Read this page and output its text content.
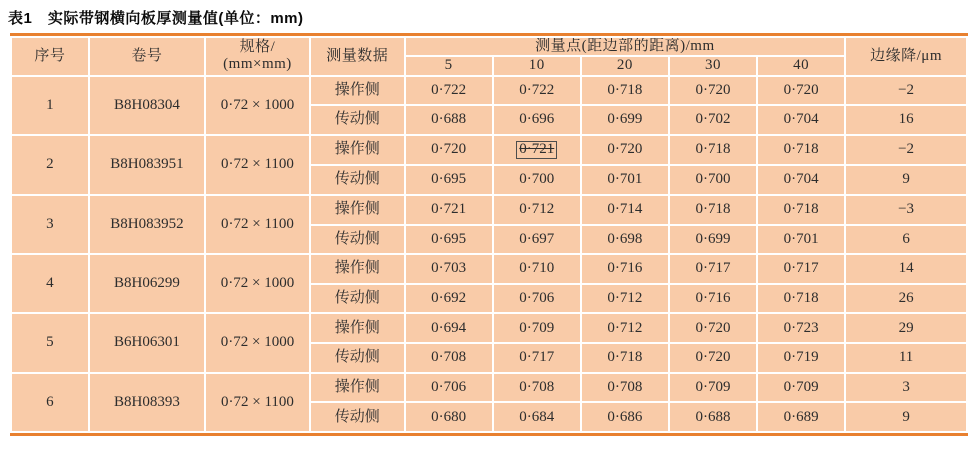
表1　实际带钢横向板厚测量值(单位：mm)
序号	卷号	规格/
(mm×mm)	测量数据	测量点(距边部的距离)/mm					边缘降/μm
				5	10	20	30	40	
1	B8H08304	0·72 × 1000	操作侧	0·722	0·722	0·718	0·720	0·720	−2
			传动侧	0·688	0·696	0·699	0·702	0·704	16
2	B8H083951	0·72 × 1100	操作侧	0·720	0·721	0·720	0·718	0·718	−2
			传动侧	0·695	0·700	0·701	0·700	0·704	9
3	B8H083952	0·72 × 1100	操作侧	0·721	0·712	0·714	0·718	0·718	−3
			传动侧	0·695	0·697	0·698	0·699	0·701	6
4	B8H06299	0·72 × 1000	操作侧	0·703	0·710	0·716	0·717	0·717	14
			传动侧	0·692	0·706	0·712	0·716	0·718	26
5	B6H06301	0·72 × 1000	操作侧	0·694	0·709	0·712	0·720	0·723	29
			传动侧	0·708	0·717	0·718	0·720	0·719	11
6	B8H08393	0·72 × 1100	操作侧	0·706	0·708	0·708	0·709	0·709	3
			传动侧	0·680	0·684	0·686	0·688	0·689	9
